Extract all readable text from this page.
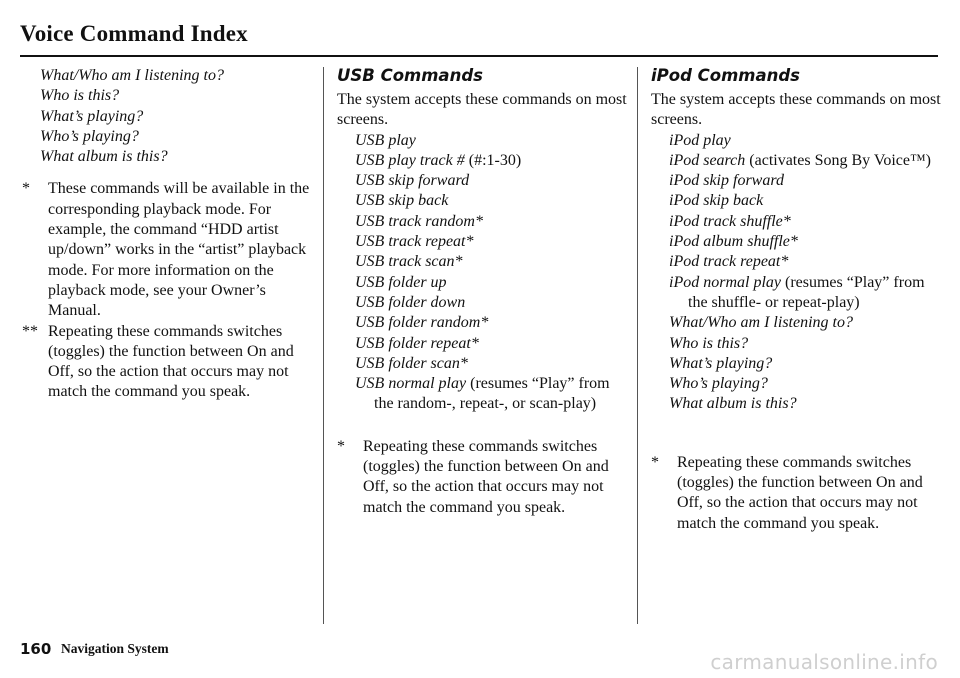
Voice Command Index
What/Who am I listening to?
Who is this?
What’s playing?
Who’s playing?
What album is this?
*	These commands will be available in the corresponding playback mode. For example, the command “HDD artist up/down” works in the “artist” playback mode. For more information on the playback mode, see your Owner’s Manual.
** Repeating these commands switches (toggles) the function between On and Off, so the action that occurs may not match the command you speak.
USB Commands

The system accepts these commands on most screens.

USB play
USB play track # (#:1-30)
USB skip forward
USB skip back
USB track random*
USB track repeat*
USB track scan*
USB folder up
USB folder down
USB folder random*
USB folder repeat*
USB folder scan*
USB normal play (resumes “Play” from the random-, repeat-, or scan-play)
*	Repeating these commands switches (toggles) the function between On and Off, so the action that occurs may not match the command you speak.
iPod Commands

The system accepts these commands on most screens.

iPod play
iPod search (activates Song By Voice™)
iPod skip forward
iPod skip back
iPod track shuffle*
iPod album shuffle*
iPod track repeat*
iPod normal play (resumes “Play” from the shuffle- or repeat-play)
What/Who am I listening to?
Who is this?
What’s playing?
Who’s playing?
What album is this?
*	Repeating these commands switches (toggles) the function between On and Off, so the action that occurs may not match the command you speak.
160 Navigation System
carmanualsonline.info
